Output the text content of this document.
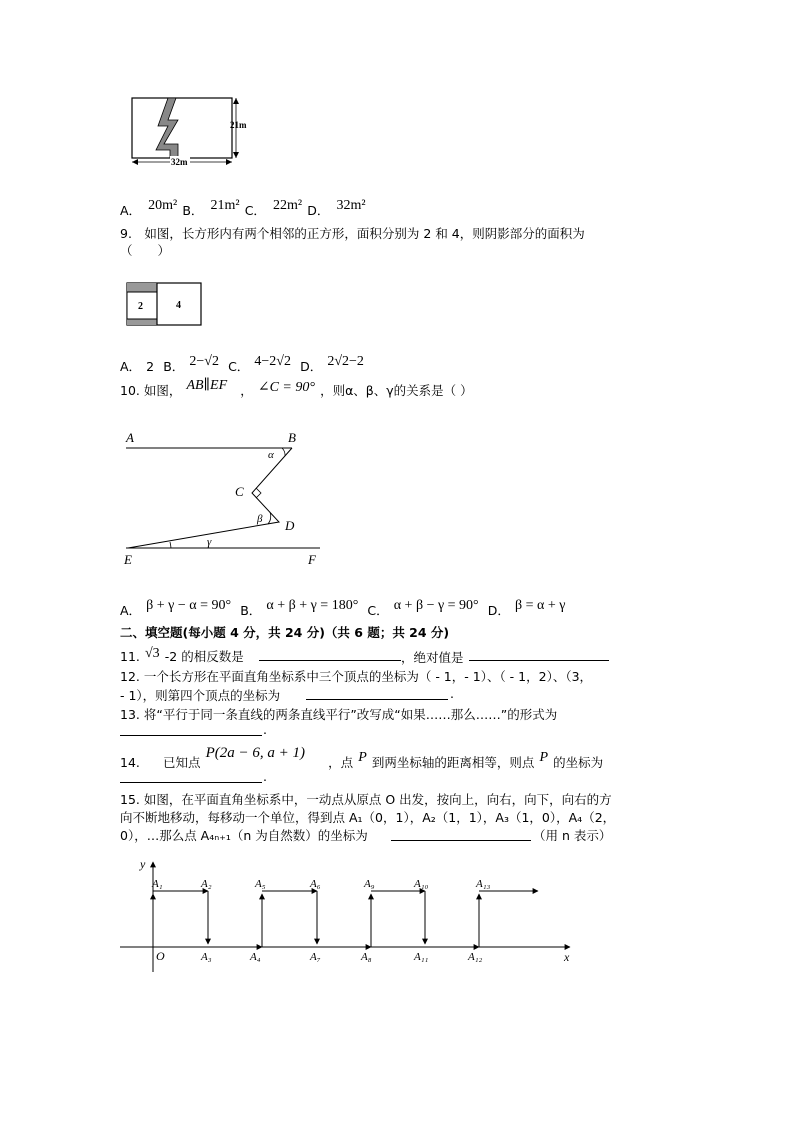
21m
32m
A． 20m² B． 21m² C． 22m² D． 32m²
9.　如图，长方形内有两个相邻的正方形，面积分别为 2 和 4，则阴影部分的面积为
（　　）
2	4
A． 2 B． 2−√2 C． 4−2√2 D． 2√2−2
10. 如图， AB∥EF ， ∠C = 90° ，则α、β、γ的关系是（ ）
A	B
C
D
E	F
α
β
γ
A． β + γ − α = 90° B． α + β + γ = 180° C． α + β − γ = 90° D． β = α + γ
二、填空题(每小题 4 分，共 24 分)（共 6 题；共 24 分)
11. √3 -2 的相反数是	，绝对值是
12. 一个长方形在平面直角坐标系中三个顶点的坐标为（ - 1，- 1）、（ - 1，2）、（3，
- 1），则第四个顶点的坐标为	.
13. 将“平行于同一条直线的两条直线平行”改写成“如果……那么……”的形式为
.
14. 已知点 P(2a − 6, a + 1) ，点 P 到两坐标轴的距离相等，则点 P 的坐标为
.
15. 如图，在平面直角坐标系中，一动点从原点 O 出发，按向上，向右，向下，向右的方
向不断地移动，每移动一个单位，得到点 A₁（0，1），A₂（1，1），A₃（1，0），A₄（2，
0），…那么点 A₄ₙ₊₁（n 为自然数）的坐标为	（用 n 表示）
y
x
O
A₁	A₂
A₃	A₄
A₅	A₆
A₇	A₈
A₉	A₁₀
A₁₁	A₁₂
A₁₃
